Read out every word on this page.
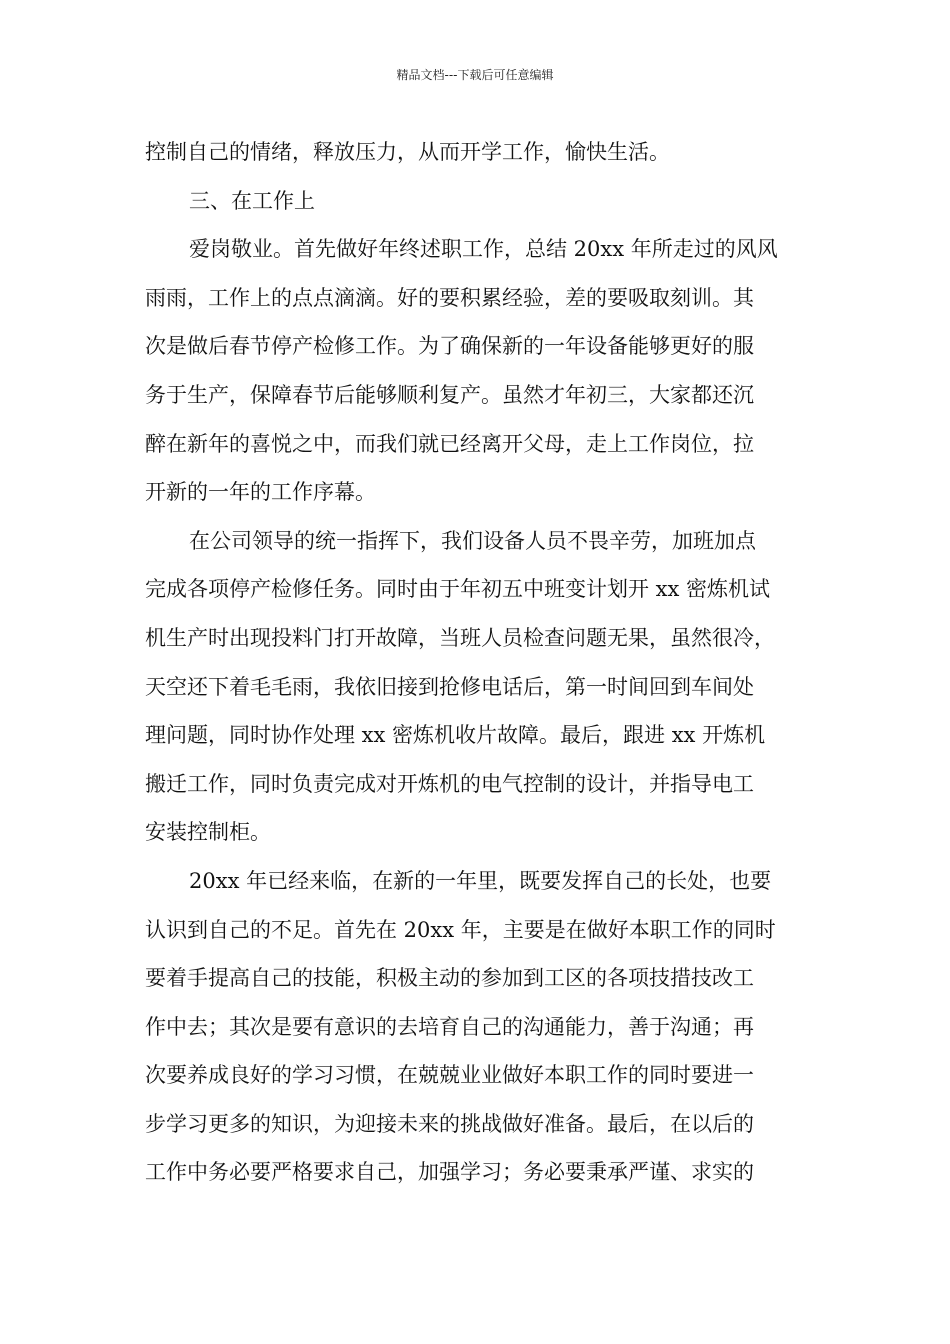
精品文档---下载后可任意编辑
控制自己的情绪，释放压力，从而开学工作，愉快生活。
三、在工作上
爱岗敬业。首先做好年终述职工作，总结 20xx 年所走过的风风
雨雨，工作上的点点滴滴。好的要积累经验，差的要吸取刻训。其
次是做后春节停产检修工作。为了确保新的一年设备能够更好的服
务于生产，保障春节后能够顺利复产。虽然才年初三，大家都还沉
醉在新年的喜悦之中，而我们就已经离开父母，走上工作岗位，拉
开新的一年的工作序幕。
在公司领导的统一指挥下，我们设备人员不畏辛劳，加班加点
完成各项停产检修任务。同时由于年初五中班变计划开 xx 密炼机试
机生产时出现投料门打开故障，当班人员检查问题无果，虽然很冷，
天空还下着毛毛雨，我依旧接到抢修电话后，第一时间回到车间处
理问题，同时协作处理 xx 密炼机收片故障。最后，跟进 xx 开炼机
搬迁工作，同时负责完成对开炼机的电气控制的设计，并指导电工
安装控制柜。
20xx 年已经来临，在新的一年里，既要发挥自己的长处，也要
认识到自己的不足。首先在 20xx 年，主要是在做好本职工作的同时
要着手提高自己的技能，积极主动的参加到工区的各项技措技改工
作中去；其次是要有意识的去培育自己的沟通能力，善于沟通；再
次要养成良好的学习习惯，在兢兢业业做好本职工作的同时要进一
步学习更多的知识，为迎接未来的挑战做好准备。最后，在以后的
工作中务必要严格要求自己，加强学习；务必要秉承严谨、求实的
